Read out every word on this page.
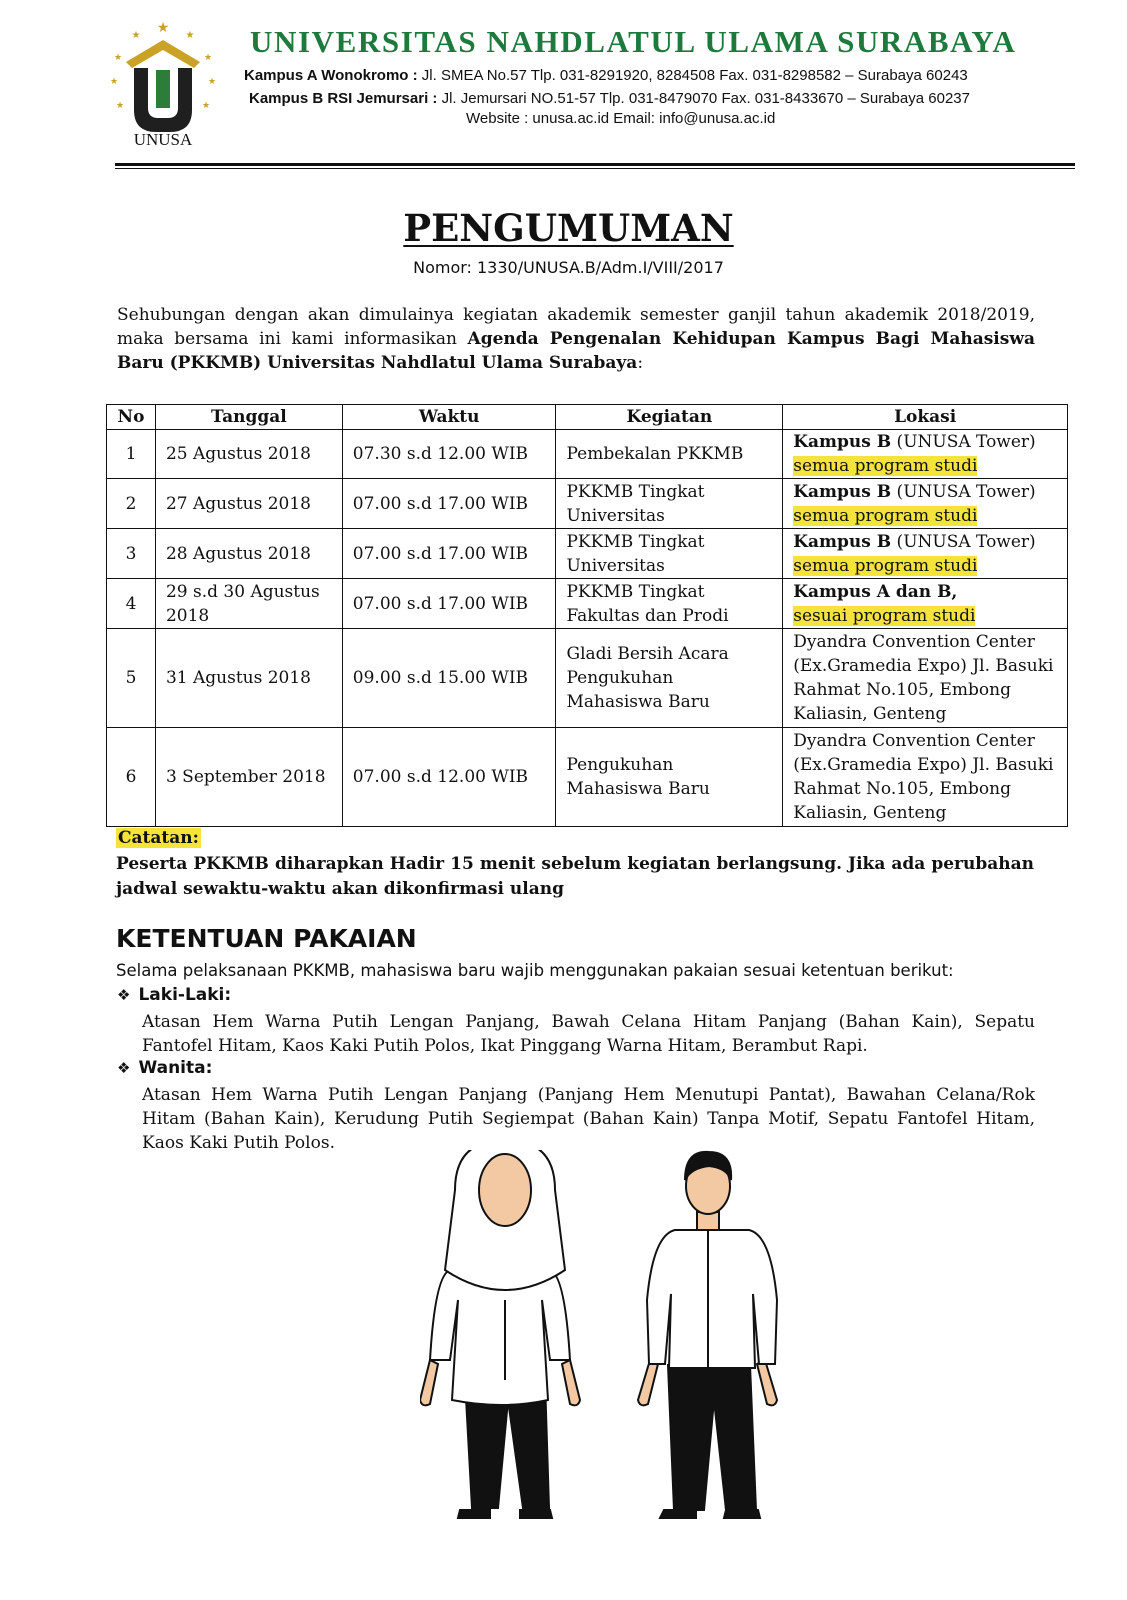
★
★	★
★	★
★	★
★	★
UNUSA
UNIVERSITAS NAHDLATUL ULAMA SURABAYA
Kampus A Wonokromo : Jl. SMEA No.57 Tlp. 031-8291920, 8284508 Fax. 031-8298582 – Surabaya 60243
Kampus B RSI Jemursari : Jl. Jemursari NO.51-57 Tlp. 031-8479070 Fax. 031-8433670 – Surabaya 60237
Website : unusa.ac.id Email: info@unusa.ac.id
PENGUMUMAN
Nomor: 1330/UNUSA.B/Adm.I/VIII/2017
Sehubungan dengan akan dimulainya kegiatan akademik semester ganjil tahun akademik 2018/2019, maka bersama ini kami informasikan Agenda Pengenalan Kehidupan Kampus Bagi Mahasiswa Baru (PKKMB) Universitas Nahdlatul Ulama Surabaya:
No	Tanggal	Waktu	Kegiatan	Lokasi
1	25 Agustus 2018	07.30 s.d 12.00 WIB	Pembekalan PKKMB	Kampus B (UNUSA Tower)
semua program studi
2	27 Agustus 2018	07.00 s.d 17.00 WIB	PKKMB Tingkat Universitas	Kampus B (UNUSA Tower)
semua program studi
3	28 Agustus 2018	07.00 s.d 17.00 WIB	PKKMB Tingkat Universitas	Kampus B (UNUSA Tower)
semua program studi
4	29 s.d 30 Agustus 2018	07.00 s.d 17.00 WIB	PKKMB Tingkat Fakultas dan Prodi	Kampus A dan B,
sesuai program studi
5	31 Agustus 2018	09.00 s.d 15.00 WIB	Gladi Bersih Acara Pengukuhan Mahasiswa Baru	Dyandra Convention Center (Ex.Gramedia Expo) Jl. Basuki Rahmat No.105, Embong Kaliasin, Genteng
6	3 September 2018	07.00 s.d 12.00 WIB	Pengukuhan Mahasiswa Baru	Dyandra Convention Center (Ex.Gramedia Expo) Jl. Basuki Rahmat No.105, Embong Kaliasin, Genteng
Catatan:
Peserta PKKMB diharapkan Hadir 15 menit sebelum kegiatan berlangsung. Jika ada perubahan jadwal sewaktu-waktu akan dikonfirmasi ulang
KETENTUAN PAKAIAN
Selama pelaksanaan PKKMB, mahasiswa baru wajib menggunakan pakaian sesuai ketentuan berikut:
❖ Laki-Laki:
Atasan Hem Warna Putih Lengan Panjang, Bawah Celana Hitam Panjang (Bahan Kain), Sepatu Fantofel Hitam, Kaos Kaki Putih Polos, Ikat Pinggang Warna Hitam, Berambut Rapi.
❖ Wanita:
Atasan Hem Warna Putih Lengan Panjang (Panjang Hem Menutupi Pantat), Bawahan Celana/Rok Hitam (Bahan Kain), Kerudung Putih Segiempat (Bahan Kain) Tanpa Motif, Sepatu Fantofel Hitam, Kaos Kaki Putih Polos.
